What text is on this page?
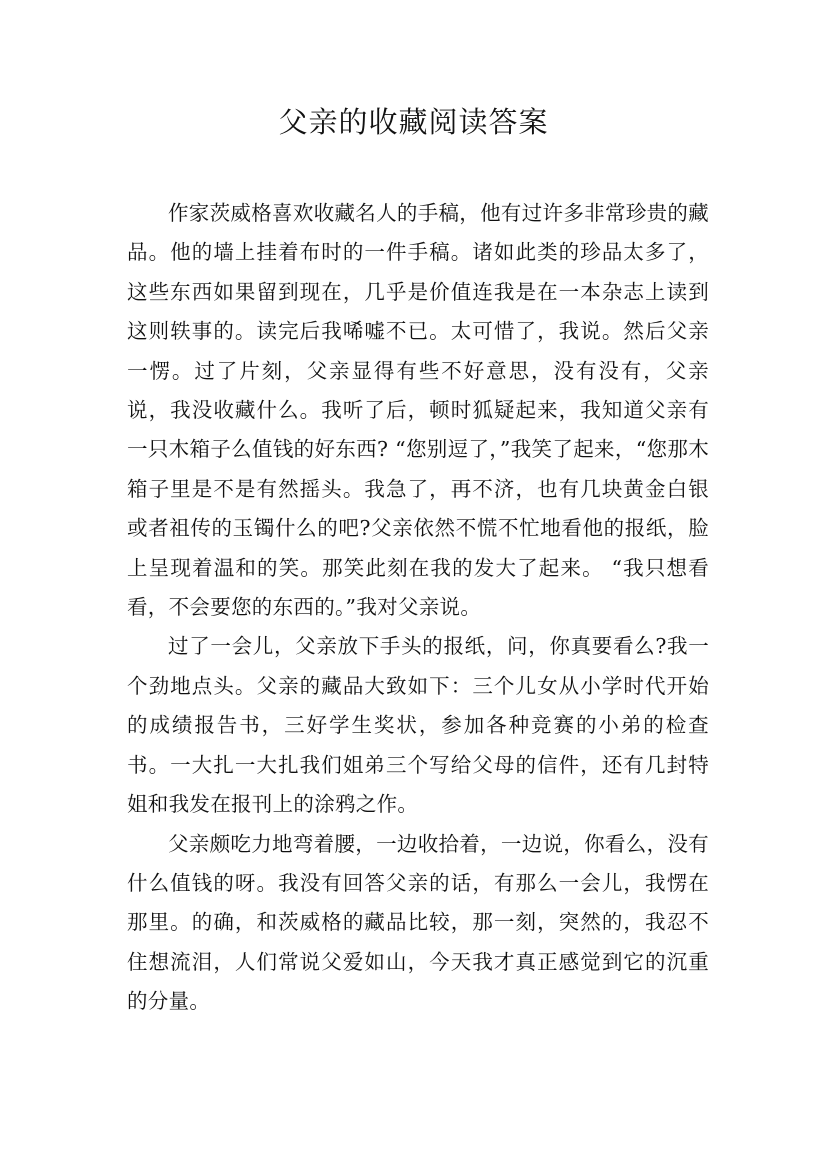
父亲的收藏阅读答案

作家茨威格喜欢收藏名人的手稿，他有过许多非常珍贵的藏品。他的墙上挂着布时的一件手稿。诸如此类的珍品太多了，这些东西如果留到现在，几乎是价值连我是在一本杂志上读到这则轶事的。读完后我唏嘘不已。太可惜了，我说。然后父亲一愣。过了片刻，父亲显得有些不好意思，没有没有，父亲说，我没收藏什么。我听了后，顿时狐疑起来，我知道父亲有一只木箱子么值钱的好东西? “您别逗了，”我笑了起来，“您那木箱子里是不是有然摇头。我急了，再不济，也有几块黄金白银或者祖传的玉镯什么的吧?父亲依然不慌不忙地看他的报纸，脸上呈现着温和的笑。那笑此刻在我的发大了起来。 “我只想看看，不会要您的东西的。”我对父亲说。

过了一会儿，父亲放下手头的报纸，问，你真要看么?我一个劲地点头。父亲的藏品大致如下：三个儿女从小学时代开始的成绩报告书，三好学生奖状，参加各种竞赛的小弟的检查书。一大扎一大扎我们姐弟三个写给父母的信件，还有几封特姐和我发在报刊上的涂鸦之作。

父亲颇吃力地弯着腰，一边收拾着，一边说，你看么，没有什么值钱的呀。我没有回答父亲的话，有那么一会儿，我愣在那里。的确，和茨威格的藏品比较，那一刻，突然的，我忍不住想流泪，人们常说父爱如山，今天我才真正感觉到它的沉重的分量。
